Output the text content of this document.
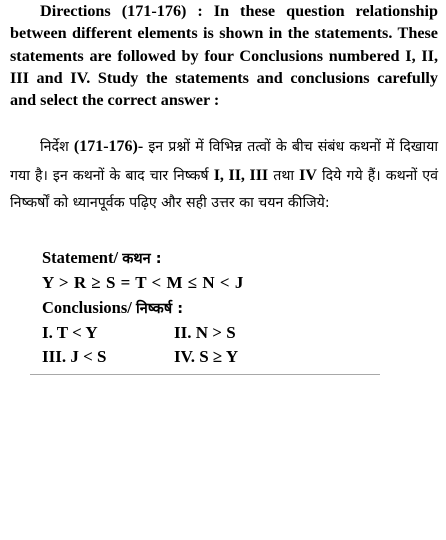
Directions (171-176) : In these question relationship between different elements is shown in the statements. These statements are followed by four Conclusions numbered I, II, III and IV. Study the statements and conclusions carefully and select the correct answer :

निर्देश (171-176)- इन प्रश्नों में विभिन्न तत्वों के बीच संबंध कथनों में दिखाया गया है। इन कथनों के बाद चार निष्कर्ष I, II, III तथा IV दिये गये हैं। कथनों एवं निष्कर्षों को ध्यानपूर्वक पढ़िए और सही उत्तर का चयन कीजिये:

Statement/ कथन :
Y > R ≥ S = T < M ≤ N < J
Conclusions/ निष्कर्ष :
I. T < Y	II. N > S
III. J < S	IV. S ≥ Y
